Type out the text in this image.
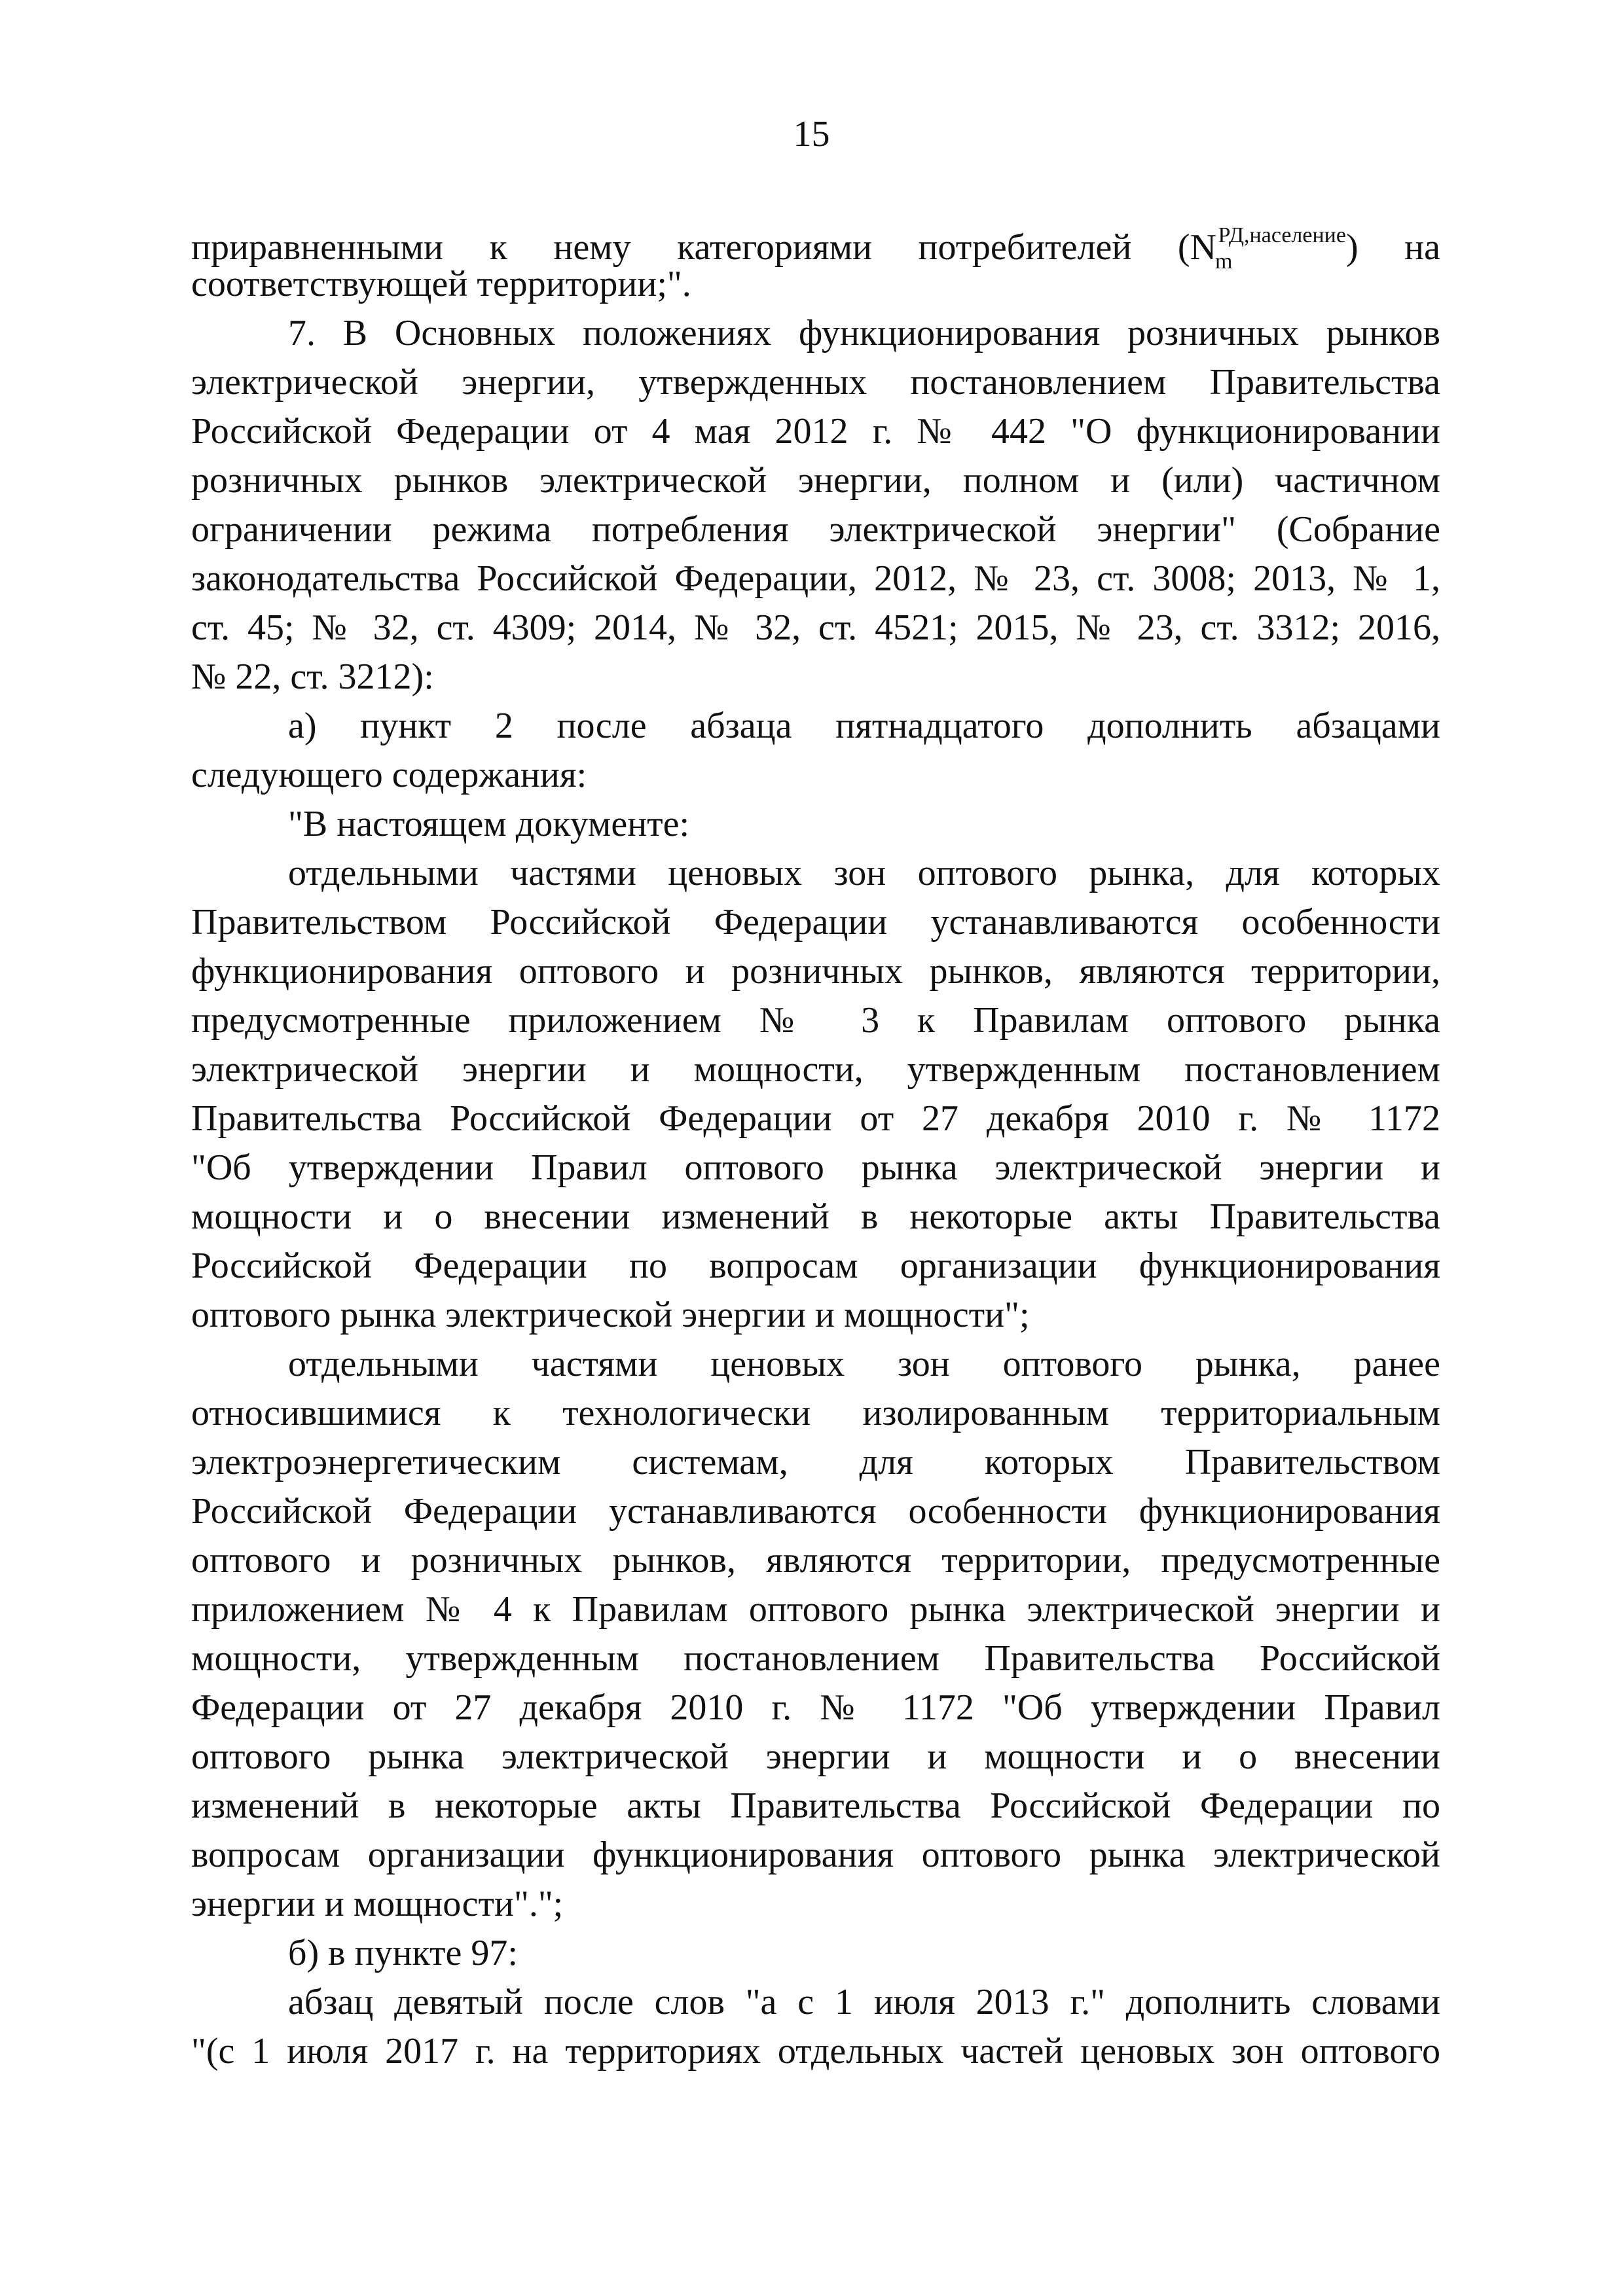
15
приравненными к нему категориями потребителей $(N_m^{РД,население})$ на
соответствующей территории;".
7. В Основных положениях функционирования розничных рынков
электрической энергии, утвержденных постановлением Правительства
Российской Федерации от 4 мая 2012 г. № 442 "О функционировании
розничных рынков электрической энергии, полном и (или) частичном
ограничении режима потребления электрической энергии" (Собрание
законодательства Российской Федерации, 2012, № 23, ст. 3008; 2013, № 1,
ст. 45; № 32, ст. 4309; 2014, № 32, ст. 4521; 2015, № 23, ст. 3312; 2016,
№ 22, ст. 3212):
а) пункт 2 после абзаца пятнадцатого дополнить абзацами
следующего содержания:
"В настоящем документе:
отдельными частями ценовых зон оптового рынка, для которых
Правительством Российской Федерации устанавливаются особенности
функционирования оптового и розничных рынков, являются территории,
предусмотренные приложением № 3 к Правилам оптового рынка
электрической энергии и мощности, утвержденным постановлением
Правительства Российской Федерации от 27 декабря 2010 г. № 1172
"Об утверждении Правил оптового рынка электрической энергии и
мощности и о внесении изменений в некоторые акты Правительства
Российской Федерации по вопросам организации функционирования
оптового рынка электрической энергии и мощности";
отдельными частями ценовых зон оптового рынка, ранее
относившимися к технологически изолированным территориальным
электроэнергетическим системам, для которых Правительством
Российской Федерации устанавливаются особенности функционирования
оптового и розничных рынков, являются территории, предусмотренные
приложением № 4 к Правилам оптового рынка электрической энергии и
мощности, утвержденным постановлением Правительства Российской
Федерации от 27 декабря 2010 г. № 1172 "Об утверждении Правил
оптового рынка электрической энергии и мощности и о внесении
изменений в некоторые акты Правительства Российской Федерации по
вопросам организации функционирования оптового рынка электрической
энергии и мощности".";
б) в пункте 97:
абзац девятый после слов "а с 1 июля 2013 г." дополнить словами
"(с 1 июля 2017 г. на территориях отдельных частей ценовых зон оптового
